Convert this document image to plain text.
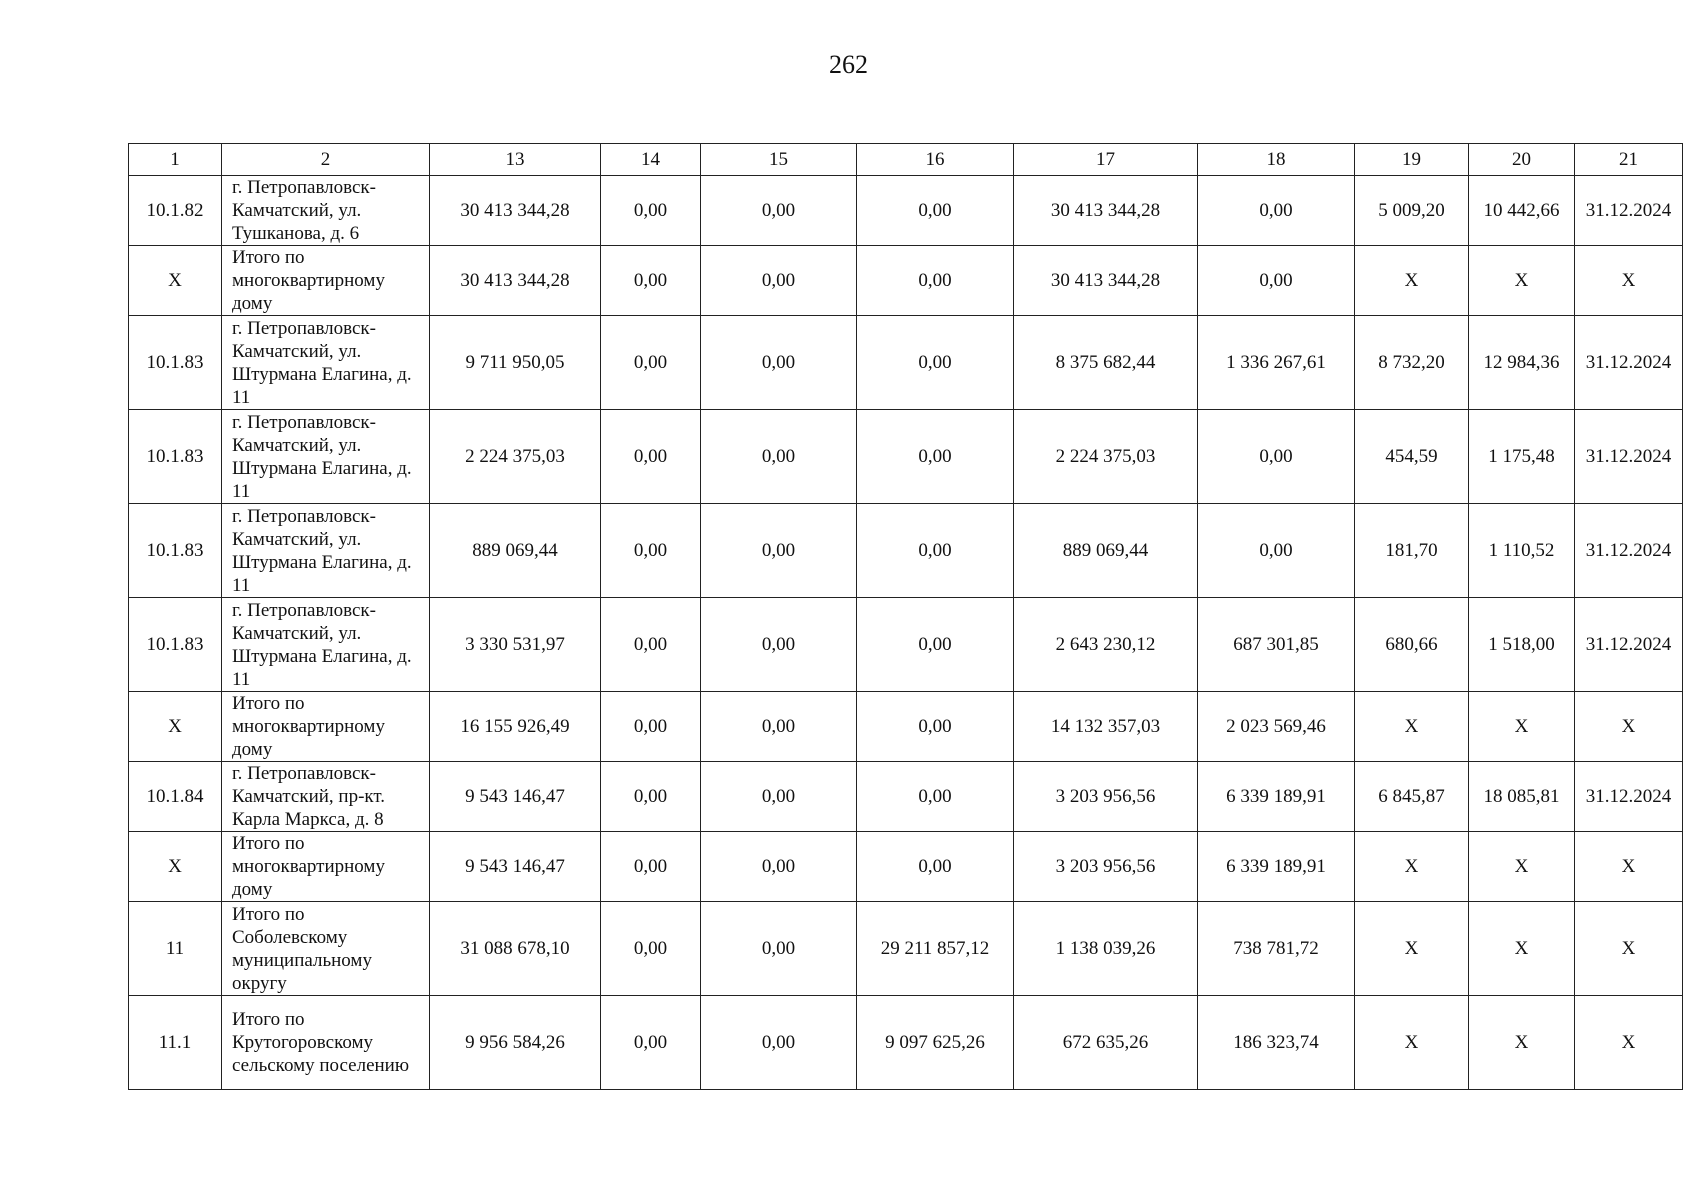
262
1	2	13	14	15	16	17	18	19	20	21
10.1.82	г. Петропавловск-Камчатский, ул. Тушканова, д. 6	30 413 344,28	0,00	0,00	0,00	30 413 344,28	0,00	5 009,20	10 442,66	31.12.2024
Х	Итого по многоквартирному дому	30 413 344,28	0,00	0,00	0,00	30 413 344,28	0,00	Х	Х	Х
10.1.83	г. Петропавловск-Камчатский, ул. Штурмана Елагина, д. 11	9 711 950,05	0,00	0,00	0,00	8 375 682,44	1 336 267,61	8 732,20	12 984,36	31.12.2024
10.1.83	г. Петропавловск-Камчатский, ул. Штурмана Елагина, д. 11	2 224 375,03	0,00	0,00	0,00	2 224 375,03	0,00	454,59	1 175,48	31.12.2024
10.1.83	г. Петропавловск-Камчатский, ул. Штурмана Елагина, д. 11	889 069,44	0,00	0,00	0,00	889 069,44	0,00	181,70	1 110,52	31.12.2024
10.1.83	г. Петропавловск-Камчатский, ул. Штурмана Елагина, д. 11	3 330 531,97	0,00	0,00	0,00	2 643 230,12	687 301,85	680,66	1 518,00	31.12.2024
Х	Итого по многоквартирному дому	16 155 926,49	0,00	0,00	0,00	14 132 357,03	2 023 569,46	Х	Х	Х
10.1.84	г. Петропавловск-Камчатский, пр-кт. Карла Маркса, д. 8	9 543 146,47	0,00	0,00	0,00	3 203 956,56	6 339 189,91	6 845,87	18 085,81	31.12.2024
Х	Итого по многоквартирному дому	9 543 146,47	0,00	0,00	0,00	3 203 956,56	6 339 189,91	Х	Х	Х
11	Итого по Соболевскому муниципальному округу	31 088 678,10	0,00	0,00	29 211 857,12	1 138 039,26	738 781,72	Х	Х	Х
11.1	Итого по Крутогоровскому сельскому поселению	9 956 584,26	0,00	0,00	9 097 625,26	672 635,26	186 323,74	Х	Х	Х
